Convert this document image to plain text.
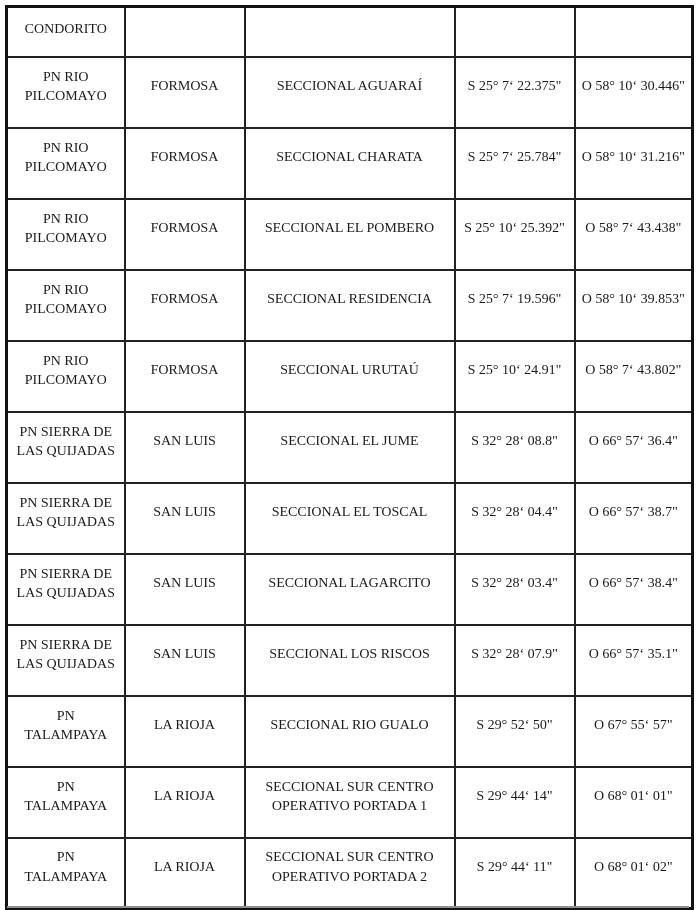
CONDORITO				
PN RIO PILCOMAYO	FORMOSA	SECCIONAL AGUARAÍ	S 25° 7‘ 22.375"	O 58° 10‘ 30.446"
PN RIO PILCOMAYO	FORMOSA	SECCIONAL CHARATA	S 25° 7‘ 25.784"	O 58° 10‘ 31.216"
PN RIO PILCOMAYO	FORMOSA	SECCIONAL EL POMBERO	S 25° 10‘ 25.392"	O 58° 7‘ 43.438"
PN RIO PILCOMAYO	FORMOSA	SECCIONAL RESIDENCIA	S 25° 7‘ 19.596"	O 58° 10‘ 39.853"
PN RIO PILCOMAYO	FORMOSA	SECCIONAL URUTAÚ	S 25° 10‘ 24.91"	O 58° 7‘ 43.802"
PN SIERRA DE LAS QUIJADAS	SAN LUIS	SECCIONAL EL JUME	S 32° 28‘ 08.8"	O 66° 57‘ 36.4"
PN SIERRA DE LAS QUIJADAS	SAN LUIS	SECCIONAL EL TOSCAL	S 32° 28‘ 04.4"	O 66° 57‘ 38.7"
PN SIERRA DE LAS QUIJADAS	SAN LUIS	SECCIONAL LAGARCITO	S 32° 28‘ 03.4"	O 66° 57‘ 38.4"
PN SIERRA DE LAS QUIJADAS	SAN LUIS	SECCIONAL LOS RISCOS	S 32° 28‘ 07.9"	O 66° 57‘ 35.1"
PN TALAMPAYA	LA RIOJA	SECCIONAL RIO GUALO	S 29° 52‘ 50"	O 67° 55‘ 57"
PN TALAMPAYA	LA RIOJA	SECCIONAL SUR CENTRO OPERATIVO PORTADA 1	S 29° 44‘ 14"	O 68° 01‘ 01"
PN TALAMPAYA	LA RIOJA	SECCIONAL SUR CENTRO OPERATIVO PORTADA 2	S 29° 44‘ 11"	O 68° 01‘ 02"
